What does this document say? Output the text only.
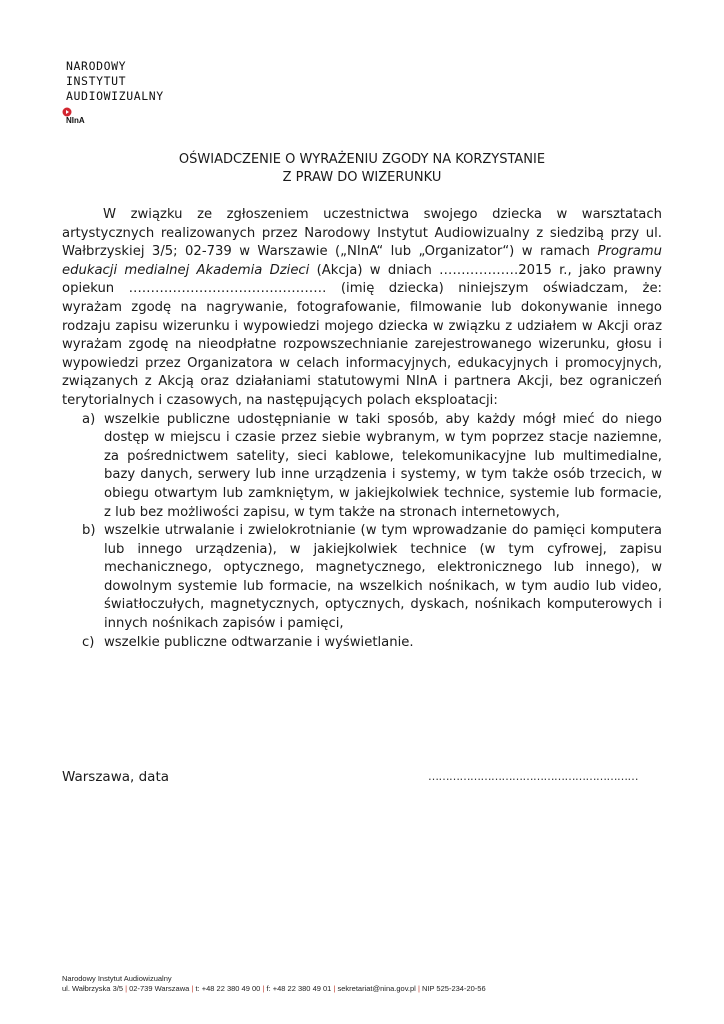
NARODOWY
INSTYTUT
AUDIOWIZUALNY
NInA
OŚWIADCZENIE O WYRAŻENIU ZGODY NA KORZYSTANIE
Z PRAW DO WIZERUNKU

W związku ze zgłoszeniem uczestnictwa swojego dziecka w warsztatach artystycznych realizowanych przez Narodowy Instytut Audiowizualny z siedzibą przy ul. Wałbrzyskiej 3/5; 02-739 w Warszawie („NInA“ lub „Organizator“) w ramach Programu edukacji medialnej Akademia Dzieci (Akcja) w dniach ………………2015 r., jako prawny opiekun ……………………………………… (imię dziecka) niniejszym oświadczam, że: wyrażam zgodę na nagrywanie, fotografowanie, filmowanie lub dokonywanie innego rodzaju zapisu wizerunku i wypowiedzi mojego dziecka w związku z udziałem w Akcji oraz wyrażam zgodę na nieodpłatne rozpowszechnianie zarejestrowanego wizerunku, głosu i wypowiedzi przez Organizatora w celach informacyjnych, edukacyjnych i promocyjnych, związanych z Akcją oraz działaniami statutowymi NInA i partnera Akcji, bez ograniczeń terytorialnych i czasowych, na następujących polach eksploatacji:

a) wszelkie publiczne udostępnianie w taki sposób, aby każdy mógł mieć do niego dostęp w miejscu i czasie przez siebie wybranym, w tym poprzez stacje naziemne, za pośrednictwem satelity, sieci kablowe, telekomunikacyjne lub multimedialne, bazy danych, serwery lub inne urządzenia i systemy, w tym także osób trzecich, w obiegu otwartym lub zamkniętym, w jakiejkolwiek technice, systemie lub formacie, z lub bez możliwości zapisu, w tym także na stronach internetowych,
b) wszelkie utrwalanie i zwielokrotnianie (w tym wprowadzanie do pamięci komputera lub innego urządzenia), w jakiejkolwiek technice (w tym cyfrowej, zapisu mechanicznego, optycznego, magnetycznego, elektronicznego lub innego), w dowolnym systemie lub formacie, na wszelkich nośnikach, w tym audio lub video, światłoczułych, magnetycznych, optycznych, dyskach, nośnikach komputerowych i innych nośnikach zapisów i pamięci,
c) wszelkie publiczne odtwarzanie i wyświetlanie.
Warszawa, data	……………………………………………………
Narodowy Instytut Audiowizualny
ul. Wałbrzyska 3/5 | 02-739 Warszawa | t: +48 22 380 49 00 | f: +48 22 380 49 01 | sekretariat@nina.gov.pl | NIP 525-234-20-56
